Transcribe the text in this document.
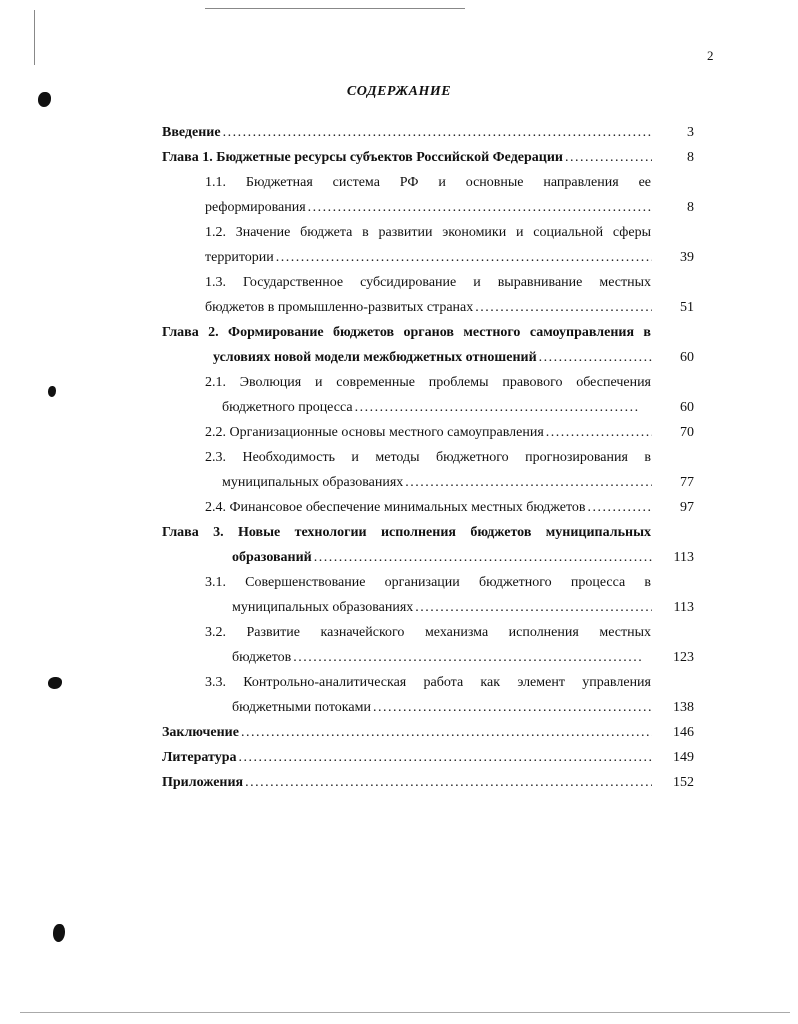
2
СОДЕРЖАНИЕ
Введение . . .	3
Глава 1. Бюджетные ресурсы субъектов Российской Федерации . . .	8
1.1. Бюджетная система РФ и основные направления ее
реформирования . . .	8
1.2. Значение бюджета в развитии экономики и социальной сферы
территории . . .	39
1.3. Государственное субсидирование и выравнивание местных
бюджетов в промышленно-развитых странах . . .	51
Глава 2. Формирование бюджетов органов местного самоуправления в
условиях новой модели межбюджетных отношений . . .	60
2.1. Эволюция и современные проблемы правового обеспечения
бюджетного процесса . . .	60
2.2. Организационные основы местного самоуправления . . .	70
2.3. Необходимость и методы бюджетного прогнозирования в
муниципальных образованиях . . .	77
2.4. Финансовое обеспечение минимальных местных бюджетов . . .	97
Глава 3. Новые технологии исполнения бюджетов муниципальных
образований . . .	113
3.1. Совершенствование организации бюджетного процесса в
муниципальных образованиях . . .	113
3.2. Развитие казначейского механизма исполнения местных
бюджетов . . .	123
3.3. Контрольно-аналитическая работа как элемент управления
бюджетными потоками . . .	138
Заключение . . .	146
Литература . . .	149
Приложения . . .	152
